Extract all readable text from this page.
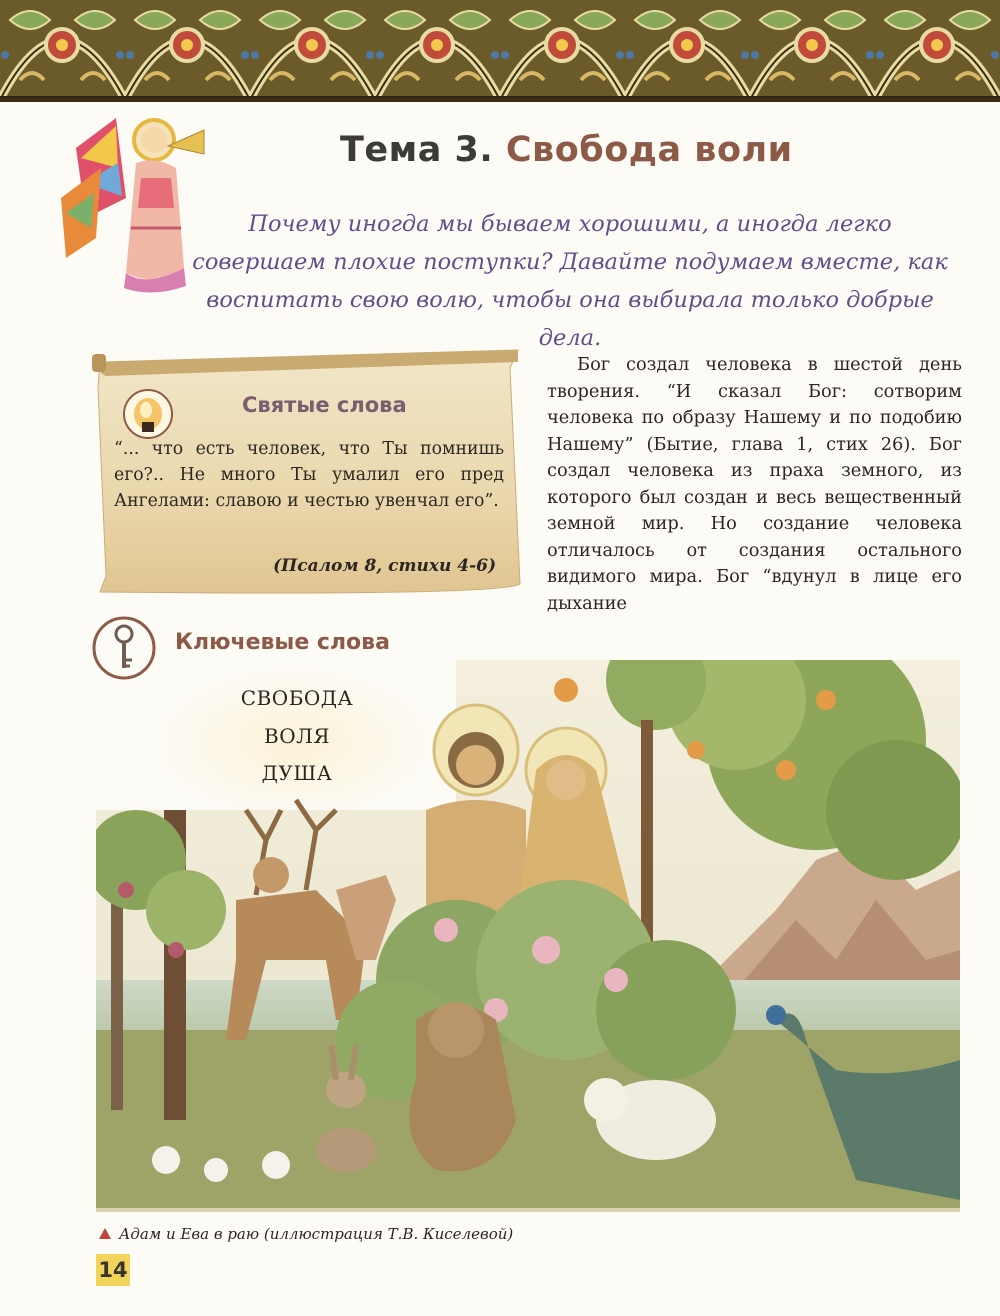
Тема 3. Свобода воли
Почему иногда мы бываем хорошими, а иногда легко совершаем плохие поступки? Давайте подумаем вместе, как воспитать свою волю, чтобы она выбирала только добрые дела.
Святые слова
“... что есть человек, что Ты помнишь его?.. Не много Ты умалил его пред Ангелами: славою и честью увенчал его”.
(Псалом 8, стихи 4-6)

Бог создал человека в шестой день творения. “И сказал Бог: сотворим человека по образу Нашему и по подобию Нашему” (Бытие, глава 1, стих 26). Бог создал человека из праха земного, из которого был создан и весь вещественный земной мир. Но создание человека отличалось от создания остального видимого мира. Бог “вдунул в лице его дыхание

Ключевые слова
СВОБОДА
ВОЛЯ
ДУША
Адам и Ева в раю (иллюстрация Т.В. Киселевой)
14
